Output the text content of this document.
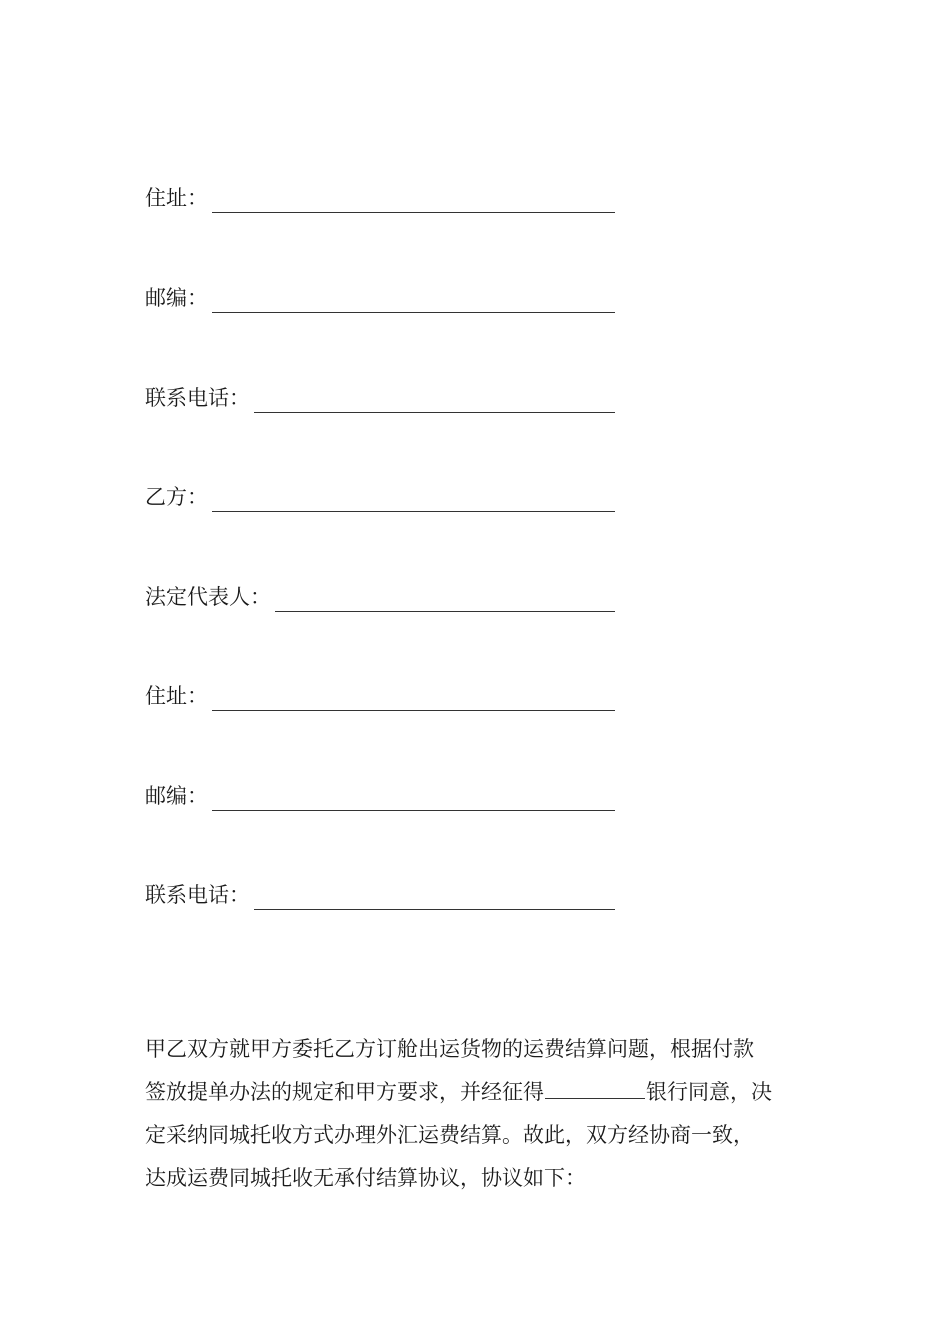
住址：
邮编：
联系电话：
乙方：
法定代表人：
住址：
邮编：
联系电话：
甲乙双方就甲方委托乙方订舱出运货物的运费结算问题，根据付款
签放提单办法的规定和甲方要求，并经征得	银行同意，决
定采纳同城托收方式办理外汇运费结算。故此，双方经协商一致，
达成运费同城托收无承付结算协议，协议如下：
